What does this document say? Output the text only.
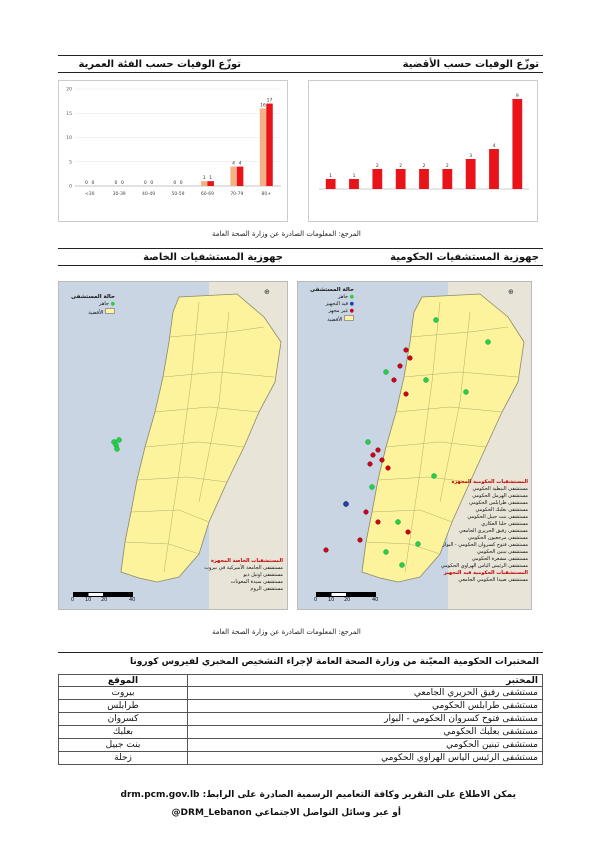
توزّع الوفيات حسب الأقضية
توزّع الوفيات حسب الفئة العمرية
1	1
2	2	2	2
3
4
9
0
5
10
15
20
0 0
<30
0 0
30-39
0 0
40-49
0 0
50-59
1 1
60-69
4 4
70-79
16
17
80+
المرجع: المعلومات الصادرة عن وزارة الصحة العامة
جهوزية المستشفيات الحكومية
جهوزية المستشفيات الخاصة
⊕
حالة المستشفى
● جاهز
الأقضية
المستشفيات الخاصة المجهزة
مستشفى الجامعة الأميركية في بيروت
مستشفى اوتيل ديو
مستشفى سيدة المعونات
مستشفى الروم
0 10 20	40
⊕
حالة المستشفى
● جاهز
● قيد التجهيز
● غير مجهز
الأقضية
المستشفيات الحكومية المجهزة
مستشفى النبطية الحكومي
مستشفى الهرمل الحكومي
مستشفى طرابلس الحكومي
مستشفى بعلبك الحكومي
مستشفى بنت جبيل الحكومي
مستشفى حلبا العكاري
مستشفى رفيق الحريري الجامعي
مستشفى مرجعيون الحكومي
مستشفى فتوح كسروان الحكومي - البوار
مستشفى تبنين الحكومي
مستشفى مشغرة الحكومي
مستشفى الرئيس الياس الهراوي الحكومي
المستشفيات الحكومية قيد التجهيز
مستشفى صيدا الحكومي الجامعي
0 10 20	40
المرجع: المعلومات الصادرة عن وزارة الصحة العامة
المختبرات الحكومية المعيّنة من وزارة الصحة العامة لإجراء التشخيص المخبري لفيروس كورونا
المختبر	الموقع
مستشفى رفيق الحريري الجامعي	بيروت
مستشفى طرابلس الحكومي	طرابلس
مستشفى فتوح كسروان الحكومي - البوار	كسروان
مستشفى بعلبك الحكومي	بعلبك
مستشفى تبنين الحكومي	بنت جبيل
مستشفى الرئيس الياس الهراوي الحكومي	زحلة
يمكن الاطلاع على التقرير وكافة التعاميم الرسمية الصادرة على الرابط: drm.pcm.gov.lb
أو عبر وسائل التواصل الاجتماعي @DRM_Lebanon
